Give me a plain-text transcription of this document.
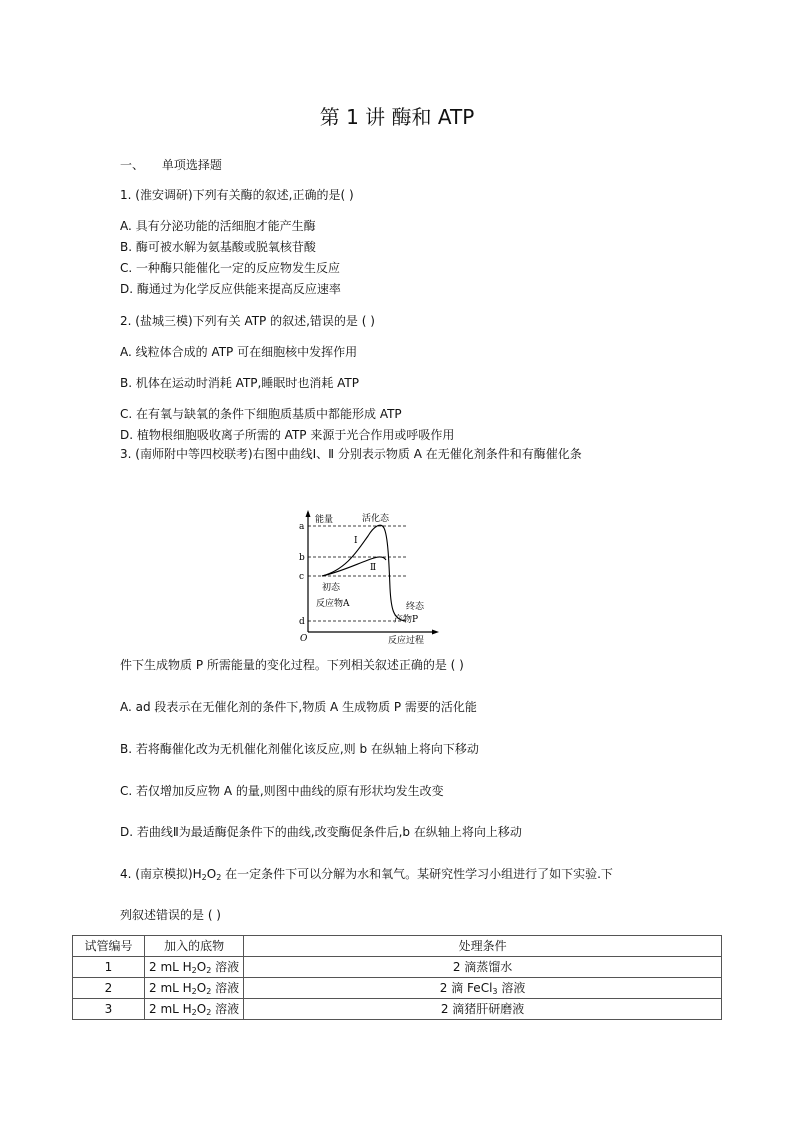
第 1 讲 酶和 ATP
一、 单项选择题
1. (淮安调研)下列有关酶的叙述,正确的是( )
A. 具有分泌功能的活细胞才能产生酶
B. 酶可被水解为氨基酸或脱氧核苷酸
C. 一种酶只能催化一定的反应物发生反应
D. 酶通过为化学反应供能来提高反应速率
2. (盐城三模)下列有关 ATP 的叙述,错误的是 ( )
A. 线粒体合成的 ATP 可在细胞核中发挥作用
B. 机体在运动时消耗 ATP,睡眠时也消耗 ATP
C. 在有氧与缺氧的条件下细胞质基质中都能形成 ATP
D. 植物根细胞吸收离子所需的 ATP 来源于光合作用或呼吸作用
3. (南师附中等四校联考)右图中曲线Ⅰ、Ⅱ 分别表示物质 A 在无催化剂条件和有酶催化条
a
b
c
d
O
能量	活化态
Ⅰ
Ⅱ
初态
反应物A	终态
产物P
反应过程
件下生成物质 P 所需能量的变化过程。下列相关叙述正确的是 ( )
A. ad 段表示在无催化剂的条件下,物质 A 生成物质 P 需要的活化能
B. 若将酶催化改为无机催化剂催化该反应,则 b 在纵轴上将向下移动
C. 若仅增加反应物 A 的量,则图中曲线的原有形状均发生改变
D. 若曲线Ⅱ为最适酶促条件下的曲线,改变酶促条件后,b 在纵轴上将向上移动
4. (南京模拟)$H_2O_2$ 在一定条件下可以分解为水和氧气。某研究性学习小组进行了如下实验.下
列叙述错误的是 ( )
试管编号	加入的底物	处理条件
1	2 mL $H_2O_2$ 溶液	2 滴蒸馏水
2	2 mL $H_2O_2$ 溶液	2 滴 FeCl$_3$ 溶液
3	2 mL $H_2O_2$ 溶液	2 滴猪肝研磨液
